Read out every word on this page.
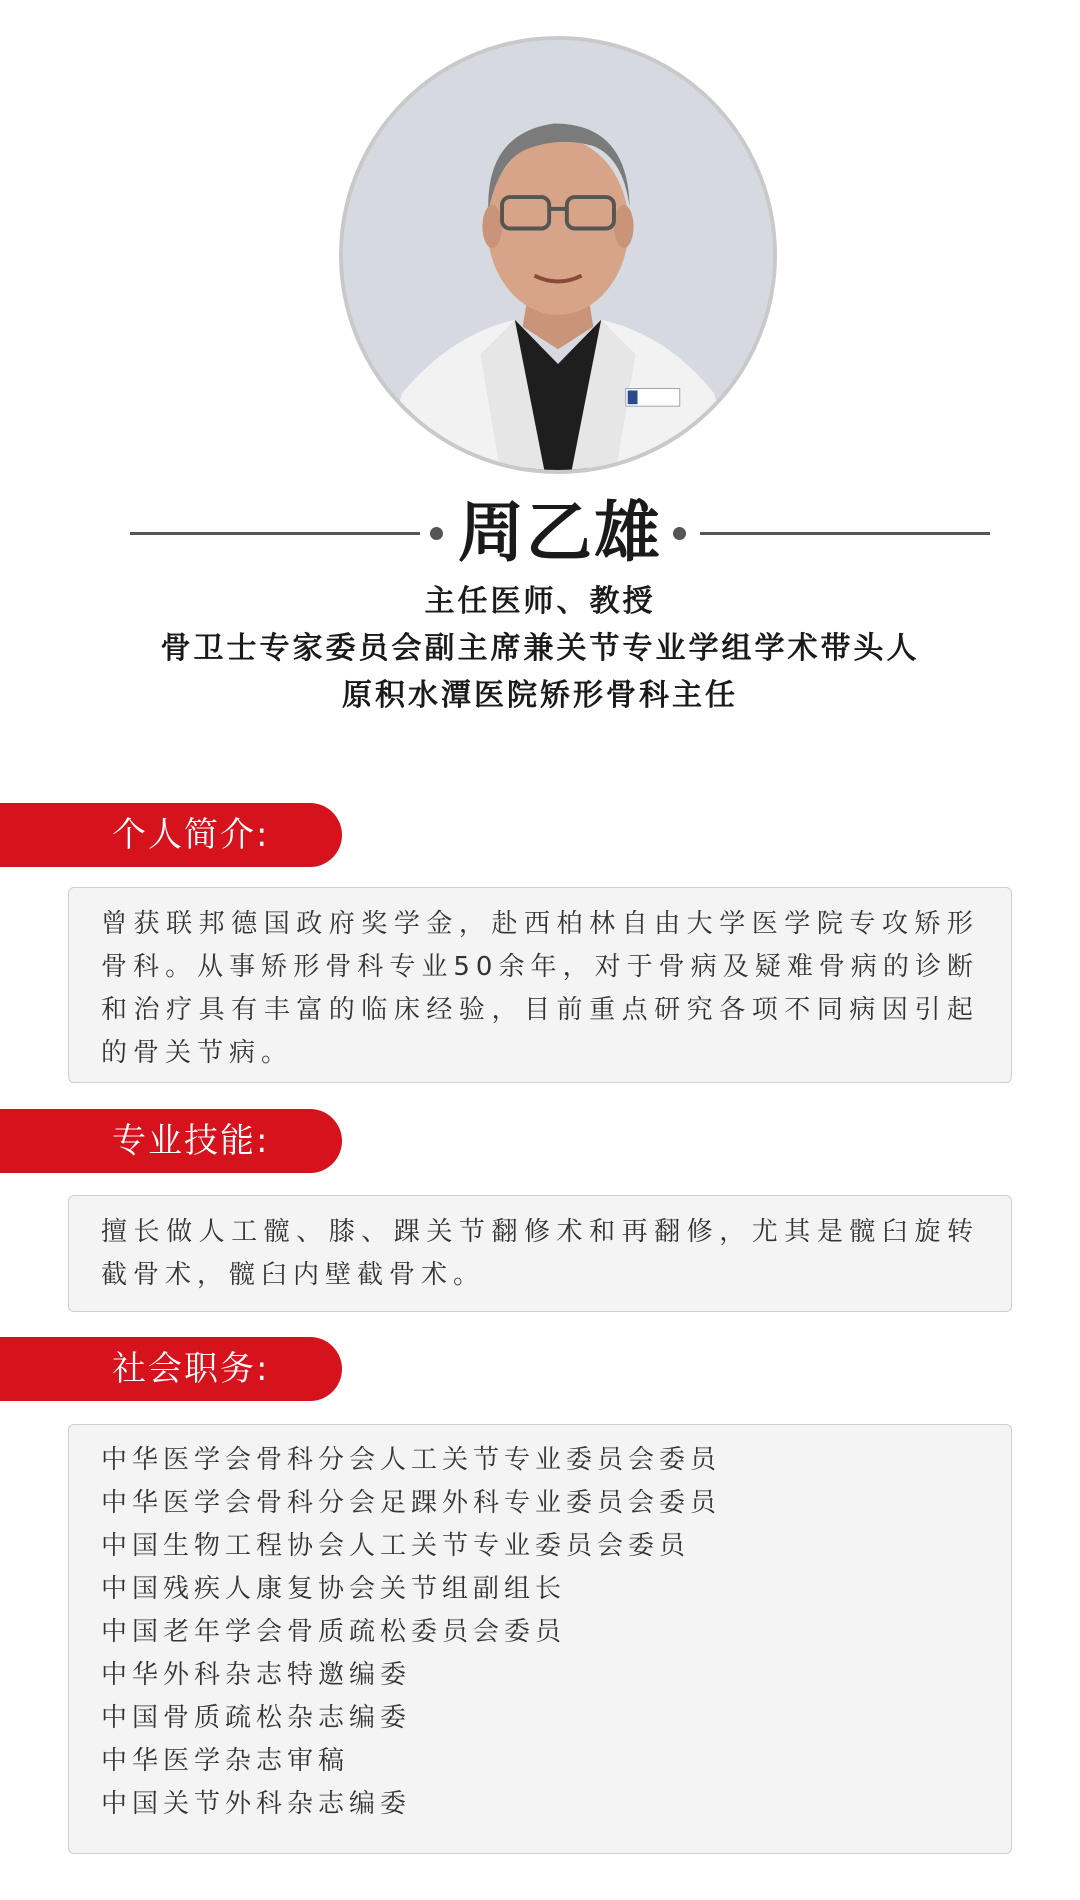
周乙雄
主任医师、教授
骨卫士专家委员会副主席兼关节专业学组学术带头人
原积水潭医院矫形骨科主任
个人简介:
曾获联邦德国政府奖学金，赴西柏林自由大学医学院专攻矫形骨科。从事矫形骨科专业50余年，对于骨病及疑难骨病的诊断和治疗具有丰富的临床经验，目前重点研究各项不同病因引起的骨关节病。
专业技能:
擅长做人工髋、膝、踝关节翻修术和再翻修，尤其是髋臼旋转截骨术，髋臼内壁截骨术。
社会职务:
中华医学会骨科分会人工关节专业委员会委员
中华医学会骨科分会足踝外科专业委员会委员
中国生物工程协会人工关节专业委员会委员
中国残疾人康复协会关节组副组长
中国老年学会骨质疏松委员会委员
中华外科杂志特邀编委
中国骨质疏松杂志编委
中华医学杂志审稿
中国关节外科杂志编委
